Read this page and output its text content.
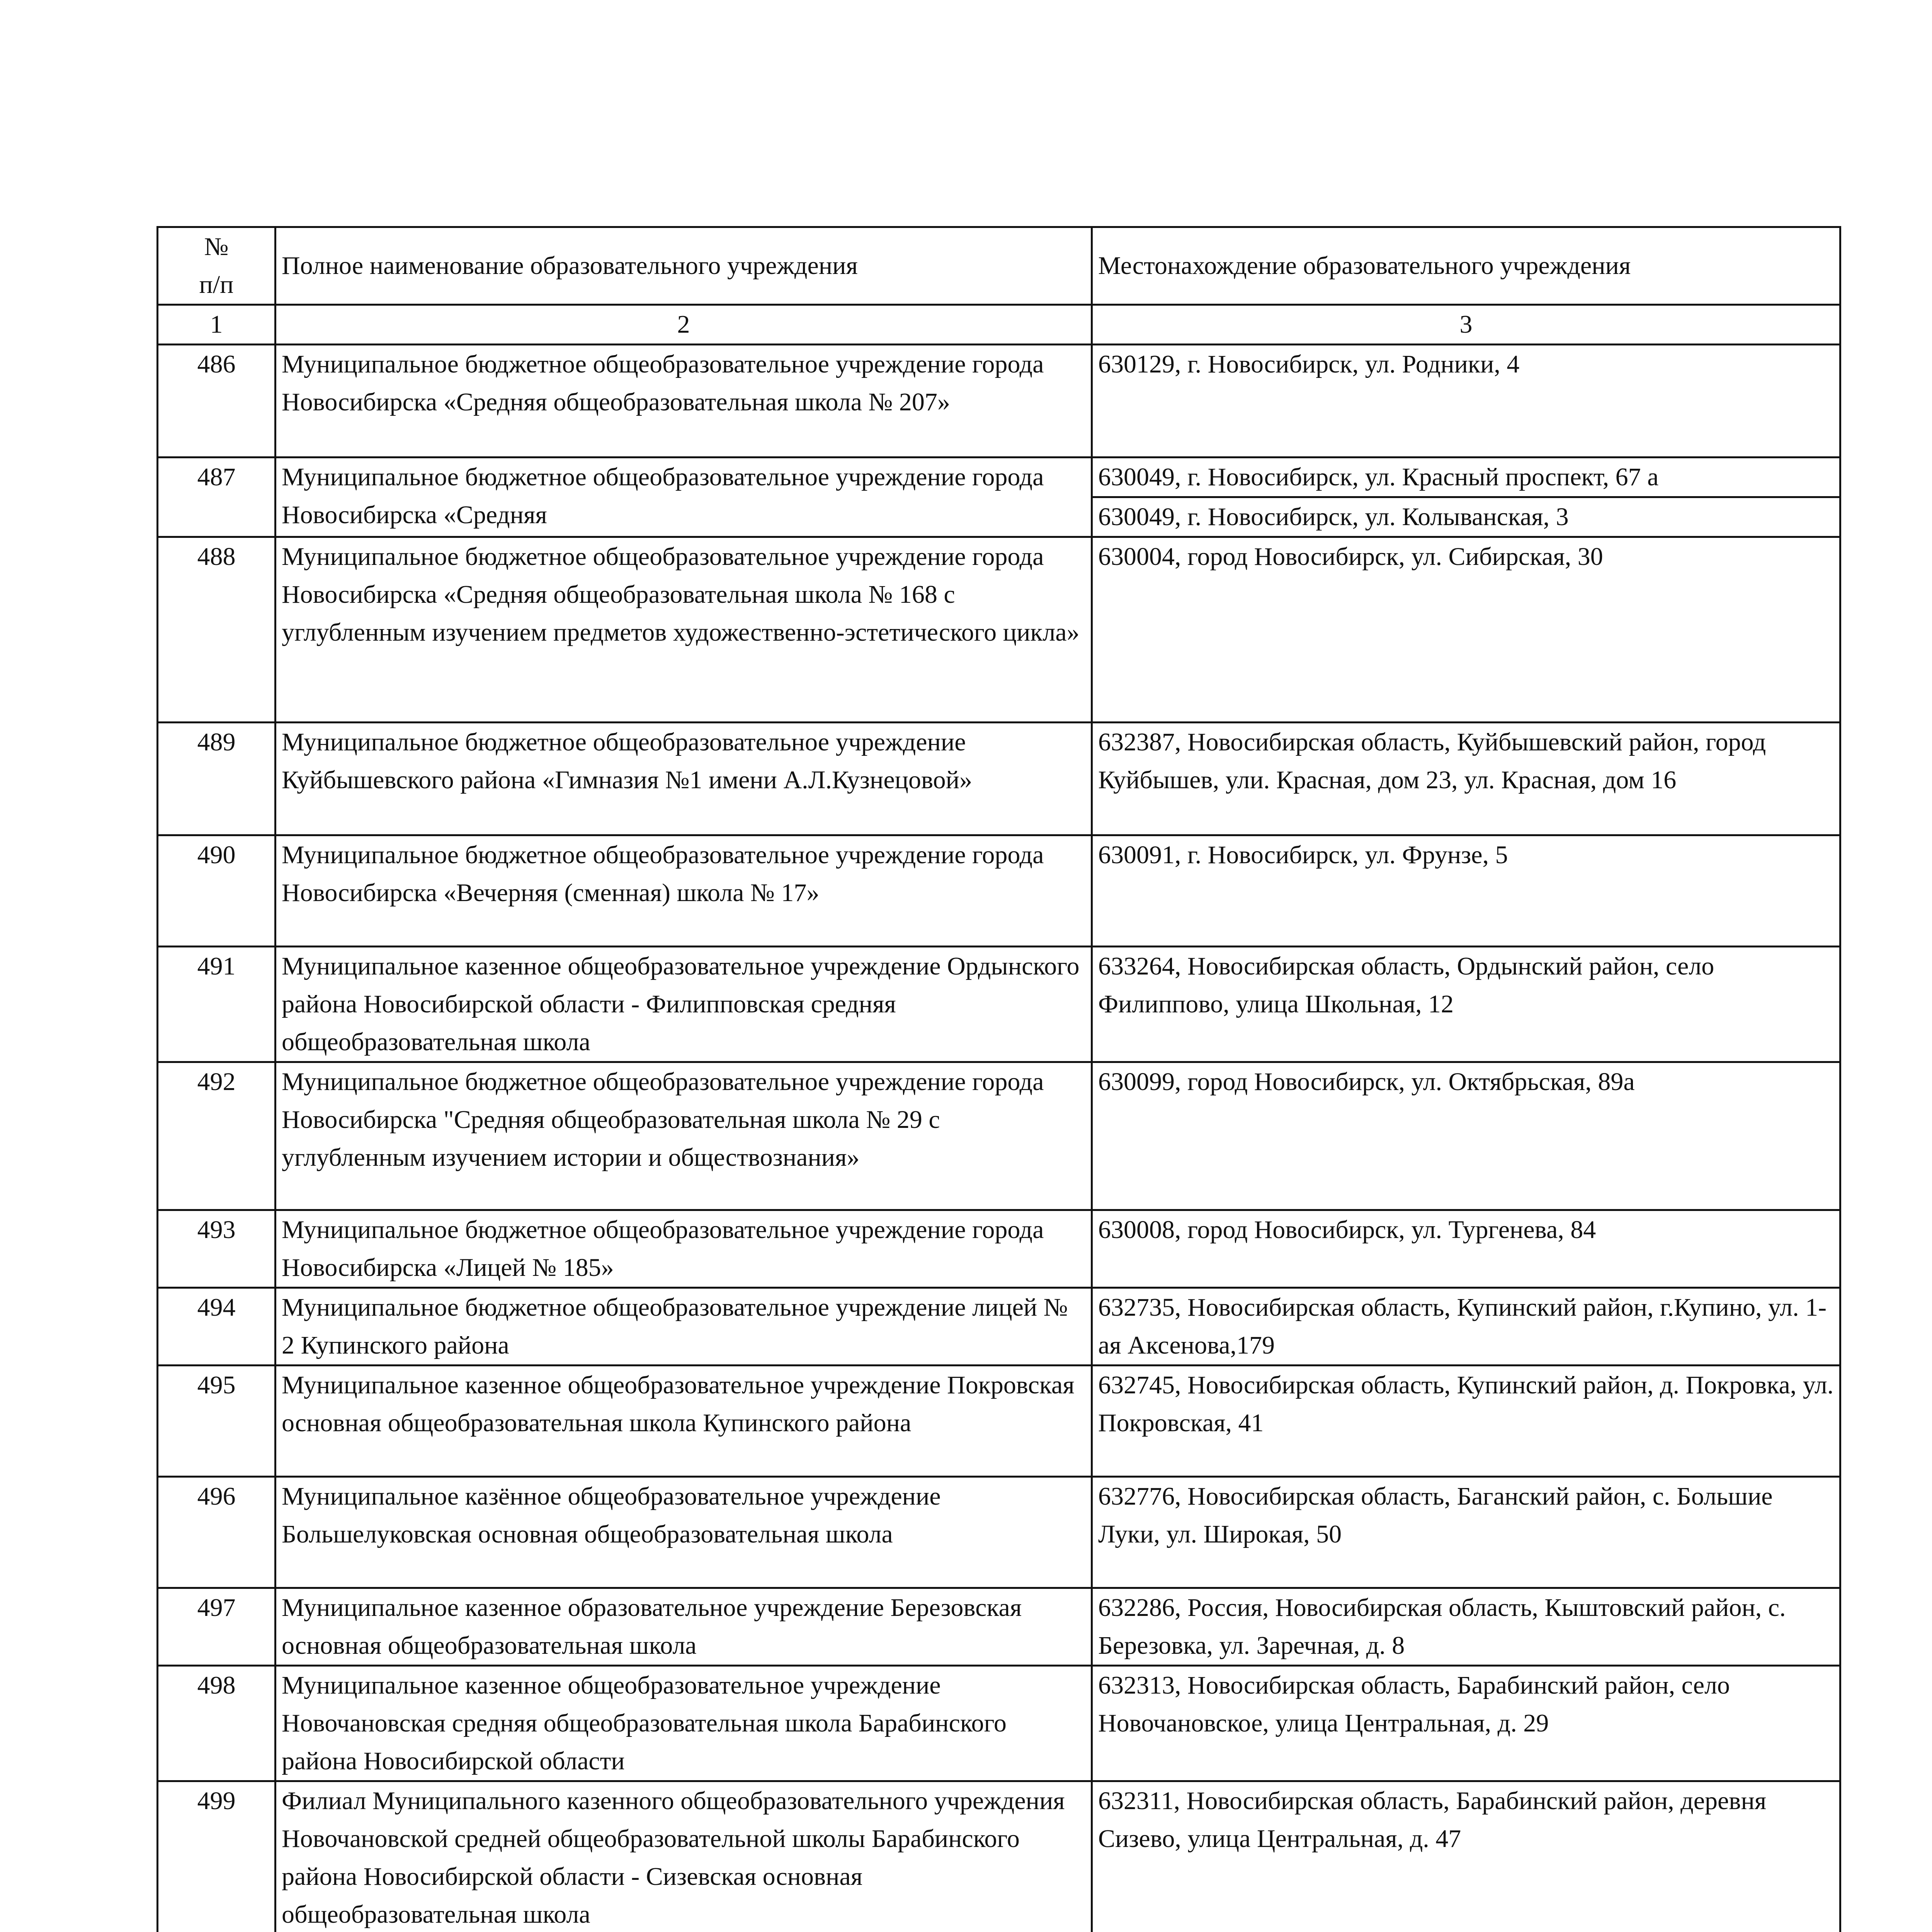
№
п/п	Полное наименование образовательного учреждения	Местонахождение образовательного учреждения
1	2	3
486	Муниципальное бюджетное общеобразовательное учреждение города Новосибирска «Средняя общеобразовательная школа № 207»	630129, г. Новосибирск, ул. Родники, 4
487	Муниципальное бюджетное общеобразовательное учреждение города Новосибирска «Средняя	630049, г. Новосибирск, ул. Красный проспект, 67 а
630049, г. Новосибирск, ул. Колыванская, 3

488	Муниципальное бюджетное общеобразовательное учреждение города Новосибирска «Средняя общеобразовательная школа № 168 с углубленным изучением предметов художественно-эстетического цикла»	630004, город Новосибирск, ул. Сибирская, 30
489	Муниципальное бюджетное общеобразовательное учреждение Куйбышевского района «Гимназия №1 имени А.Л.Кузнецовой»	632387, Новосибирская область, Куйбышевский район, город Куйбышев, ули. Красная, дом 23, ул. Красная, дом 16
490	Муниципальное бюджетное общеобразовательное учреждение города Новосибирска «Вечерняя (сменная) школа № 17»	630091, г. Новосибирск, ул. Фрунзе, 5
491	Муниципальное казенное общеобразовательное учреждение Ордынского района Новосибирской области - Филипповская средняя общеобразовательная школа	633264, Новосибирская область, Ордынский район, село Филиппово, улица Школьная, 12
492	Муниципальное бюджетное общеобразовательное учреждение города Новосибирска "Средняя общеобразовательная школа № 29 с углубленным изучением истории и обществознания»	630099, город Новосибирск, ул. Октябрьская, 89а
493	Муниципальное бюджетное общеобразовательное учреждение города Новосибирска «Лицей № 185»	630008, город Новосибирск, ул. Тургенева, 84
494	Муниципальное бюджетное общеобразовательное учреждение лицей № 2 Купинского района	632735, Новосибирская область, Купинский район, г.Купино, ул. 1-ая Аксенова,179
495	Муниципальное казенное общеобразовательное учреждение Покровская основная общеобразовательная школа Купинского района	632745, Новосибирская область, Купинский район, д. Покровка, ул. Покровская, 41
496	Муниципальное казённое общеобразовательное учреждение Большелуковская основная общеобразовательная школа	632776, Новосибирская область, Баганский район, с. Большие Луки, ул. Широкая, 50
497	Муниципальное казенное образовательное учреждение Березовская основная общеобразовательная школа	632286, Россия, Новосибирская область, Кыштовский район, с. Березовка, ул. Заречная, д. 8
498	Муниципальное казенное общеобразовательное учреждение Новочановская средняя общеобразовательная школа Барабинского района Новосибирской области	632313, Новосибирская область, Барабинский район, село Новочановское, улица Центральная, д. 29
499	Филиал Муниципального казенного общеобразовательного учреждения Новочановской средней общеобразовательной школы Барабинского района Новосибирской области - Сизевская основная общеобразовательная школа	632311, Новосибирская область, Барабинский район, деревня Сизево, улица Центральная, д. 47
